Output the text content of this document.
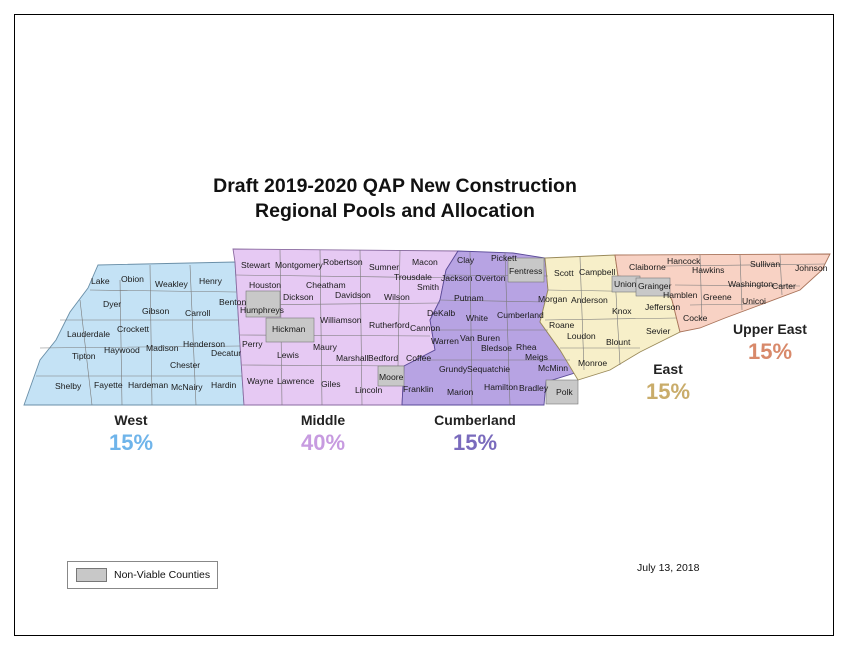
Lake Obion Weakley Henry
Dyer
Gibson Carroll
Benton
Lauderdale Crockett
Haywood Madison Henderson
Decatur
Tipton
Chester
Shelby Fayette Hardeman McNairy Hardin
Stewart Montgomery Robertson Sumner Macon
Trousdale
Houston	Cheatham
Dickson Davidson Wilson
Smith
Humphreys
Williamson Rutherford
Hickman
Perry	Maury
Lewis	Marshall Bedford Coffee
Wayne Lawrence Giles
Lincoln
Moore
Cannon
DeKalb
Clay Pickett
Jackson Overton
Fentress
Putnam
White Cumberland
Warren Van Buren
Bledsoe Rhea
Meigs
McMinn
Grundy Sequatchie
Franklin Marion Hamilton Bradley Polk
Scott Campbell
Morgan Anderson
Union Grainger
Roane
Knox
Loudon	Sevier
Blount
Monroe
Claiborne
Hancock	Sullivan Johnson
Hawkins
Washington
Carter
Hamblen Greene Unicoi
Jefferson
Cocke
Draft 2019-2020 QAP New Construction
Regional Pools and Allocation
West
15%
Middle
40%
Cumberland
15%
East
15%
Upper East
15%
Non-Viable Counties
July 13, 2018
